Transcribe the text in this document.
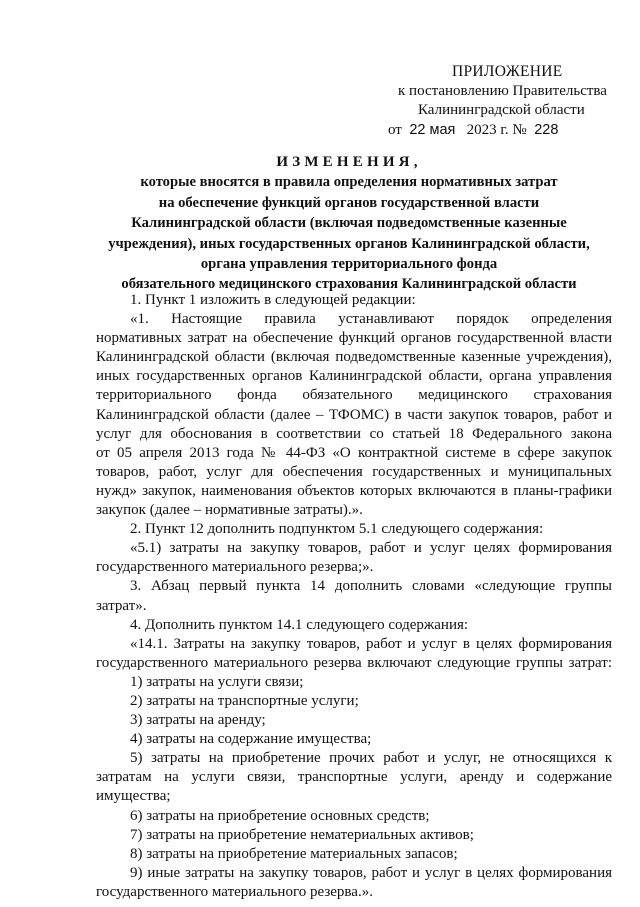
ПРИЛОЖЕНИЕ
к постановлению Правительства
Калининградской области
от 22 мая 2023 г. № 228
ИЗМЕНЕНИЯ,
которые вносятся в правила определения нормативных затрат
на обеспечение функций органов государственной власти
Калининградской области (включая подведомственные казенные
учреждения), иных государственных органов Калининградской области,
органа управления территориального фонда
обязательного медицинского страхования Калининградской области
1. Пункт 1 изложить в следующей редакции:
«1. Настоящие правила устанавливают порядок определения
нормативных затрат на обеспечение функций органов государственной власти
Калининградской области (включая подведомственные казенные учреждения),
иных государственных органов Калининградской области, органа управления
территориального фонда обязательного медицинского страхования
Калининградской области (далее – ТФОМС) в части закупок товаров, работ и
услуг для обоснования в соответствии со статьей 18 Федерального закона
от 05 апреля 2013 года № 44-ФЗ «О контрактной системе в сфере закупок
товаров, работ, услуг для обеспечения государственных и муниципальных
нужд» закупок, наименования объектов которых включаются в планы-графики
закупок (далее – нормативные затраты).».
2. Пункт 12 дополнить подпунктом 5.1 следующего содержания:
«5.1) затраты на закупку товаров, работ и услуг целях формирования
государственного материального резерва;».
3. Абзац первый пункта 14 дополнить словами «следующие группы
затрат».
4. Дополнить пунктом 14.1 следующего содержания:
«14.1. Затраты на закупку товаров, работ и услуг в целях формирования
государственного материального резерва включают следующие группы затрат:
1) затраты на услуги связи;
2) затраты на транспортные услуги;
3) затраты на аренду;
4) затраты на содержание имущества;
5) затраты на приобретение прочих работ и услуг, не относящихся к
затратам на услуги связи, транспортные услуги, аренду и содержание
имущества;
6) затраты на приобретение основных средств;
7) затраты на приобретение нематериальных активов;
8) затраты на приобретение материальных запасов;
9) иные затраты на закупку товаров, работ и услуг в целях формирования
государственного материального резерва.».
